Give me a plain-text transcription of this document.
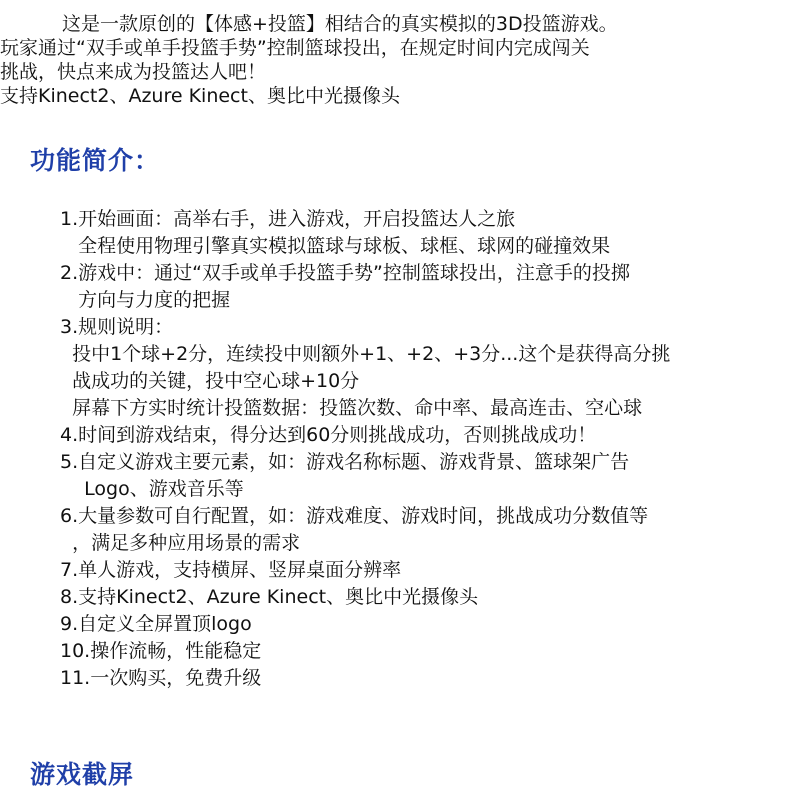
这是一款原创的【体感+投篮】相结合的真实模拟的3D投篮游戏。
玩家通过“双手或单手投篮手势”控制篮球投出，在规定时间内完成闯关
挑战，快点来成为投篮达人吧！
支持Kinect2、Azure Kinect、奥比中光摄像头
功能简介：
1.开始画面：高举右手，进入游戏，开启投篮达人之旅
全程使用物理引擎真实模拟篮球与球板、球框、球网的碰撞效果
2.游戏中：通过“双手或单手投篮手势”控制篮球投出，注意手的投掷
方向与力度的把握
3.规则说明：
投中1个球+2分，连续投中则额外+1、+2、+3分...这个是获得高分挑
战成功的关键，投中空心球+10分
屏幕下方实时统计投篮数据：投篮次数、命中率、最高连击、空心球
4.时间到游戏结束，得分达到60分则挑战成功，否则挑战成功！
5.自定义游戏主要元素，如：游戏名称标题、游戏背景、篮球架广告
Logo、游戏音乐等
6.大量参数可自行配置，如：游戏难度、游戏时间，挑战成功分数值等
，满足多种应用场景的需求
7.单人游戏，支持横屏、竖屏桌面分辨率
8.支持Kinect2、Azure Kinect、奥比中光摄像头
9.自定义全屏置顶logo
10.操作流畅，性能稳定
11.一次购买，免费升级
游戏截屏
